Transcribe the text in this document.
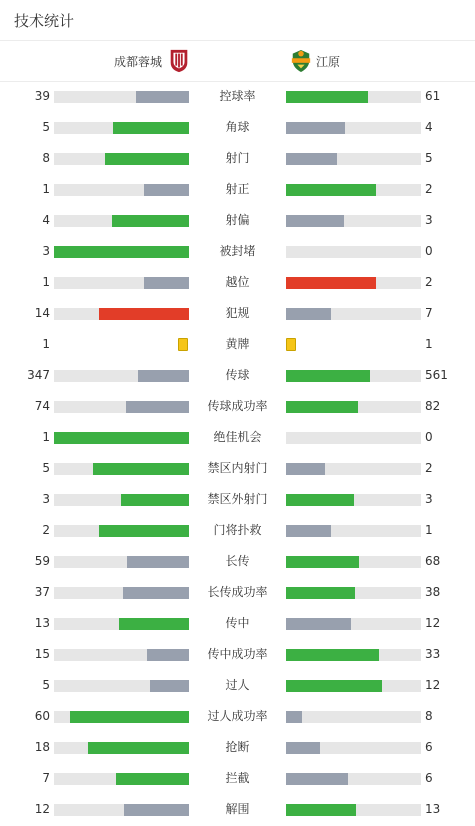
技术统计
成都蓉城	江原
39	控球率	61
5	角球	4
8	射门	5
1	射正	2
4	射偏	3
3	被封堵	0
1	越位	2
14	犯规	7
1	黄牌	1
347	传球	561
74	传球成功率	82
1	绝佳机会	0
5	禁区内射门	2
3	禁区外射门	3
2	门将扑救	1
59	长传	68
37	长传成功率	38
13	传中	12
15	传中成功率	33
5	过人	12
60	过人成功率	8
18	抢断	6
7	拦截	6
12	解围	13
